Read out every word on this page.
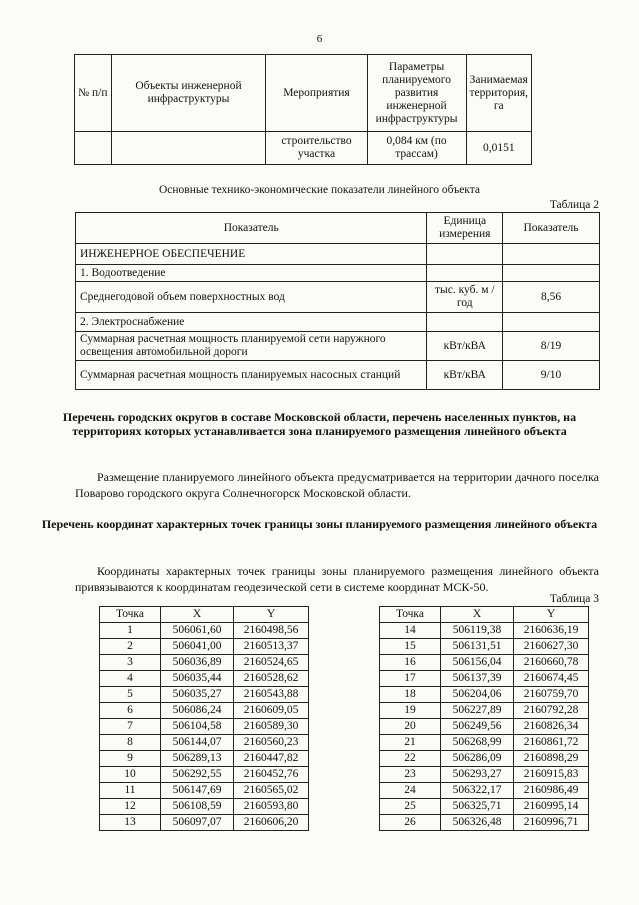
6
№ п/п	Объекты инженерной инфраструктуры	Мероприятия	Параметры планируемого развития инженерной инфраструктуры	Занимаемая территория, га
		строительство участка	0,084 км (по трассам)	0,0151
Основные технико-экономические показатели линейного объекта
Таблица 2
Показатель	Единица измерения	Показатель
ИНЖЕНЕРНОЕ ОБЕСПЕЧЕНИЕ		
1. Водоотведение		
Среднегодовой объем поверхностных вод	тыс. куб. м /год	8,56
2. Электроснабжение		
Суммарная расчетная мощность планируемой сети наружного освещения автомобильной дороги	кВт/кВА	8/19
Суммарная расчетная мощность планируемых насосных станций	кВт/кВА	9/10
Перечень городских округов в составе Московской области, перечень населенных пунктов, на территориях которых устанавливается зона планируемого размещения линейного объекта
Размещение планируемого линейного объекта предусматривается на территории дачного поселка Поварово городского округа Солнечногорск Московской области.
Перечень координат характерных точек границы зоны планируемого размещения линейного объекта
Координаты характерных точек границы зоны планируемого размещения линейного объекта привязываются к координатам геодезической сети в системе координат МСК-50.
Таблица 3
Точка	X	Y
1	506061,60	2160498,56
2	506041,00	2160513,37
3	506036,89	2160524,65
4	506035,44	2160528,62
5	506035,27	2160543,88
6	506086,24	2160609,05
7	506104,58	2160589,30
8	506144,07	2160560,23
9	506289,13	2160447,82
10	506292,55	2160452,76
11	506147,69	2160565,02
12	506108,59	2160593,80
13	506097,07	2160606,20
Точка	X	Y
14	506119,38	2160636,19
15	506131,51	2160627,30
16	506156,04	2160660,78
17	506137,39	2160674,45
18	506204,06	2160759,70
19	506227,89	2160792,28
20	506249,56	2160826,34
21	506268,99	2160861,72
22	506286,09	2160898,29
23	506293,27	2160915,83
24	506322,17	2160986,49
25	506325,71	2160995,14
26	506326,48	2160996,71
